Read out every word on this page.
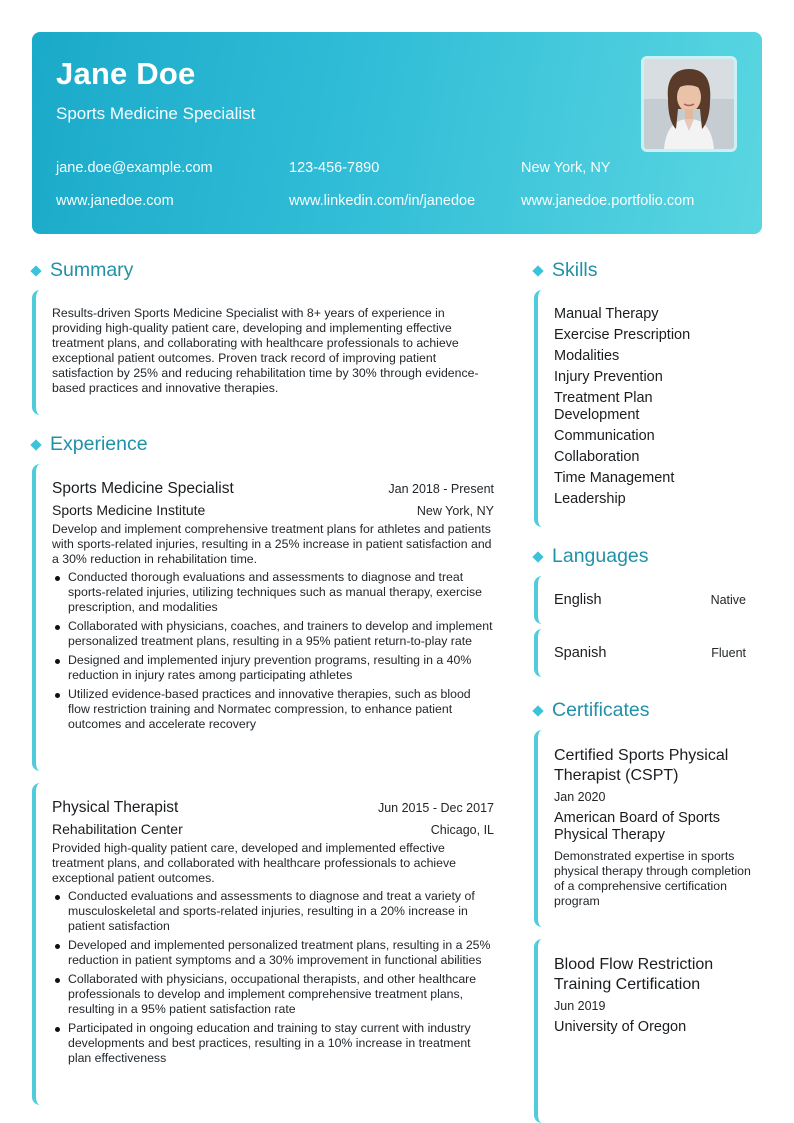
Jane Doe
Sports Medicine Specialist
jane.doe@example.com	123-456-7890	New York, NY
www.janedoe.com	www.linkedin.com/in/janedoe	www.janedoe.portfolio.com
Summary
Results-driven Sports Medicine Specialist with 8+ years of experience in providing high-quality patient care, developing and implementing effective treatment plans, and collaborating with healthcare professionals to achieve exceptional patient outcomes. Proven track record of improving patient satisfaction by 25% and reducing rehabilitation time by 30% through evidence-based practices and innovative therapies.
Experience
Sports Medicine Specialist	Jan 2018 - Present
Sports Medicine Institute	New York, NY
Develop and implement comprehensive treatment plans for athletes and patients with sports-related injuries, resulting in a 25% increase in patient satisfaction and a 30% reduction in rehabilitation time.
Conducted thorough evaluations and assessments to diagnose and treat sports-related injuries, utilizing techniques such as manual therapy, exercise prescription, and modalities
Collaborated with physicians, coaches, and trainers to develop and implement personalized treatment plans, resulting in a 95% patient return-to-play rate
Designed and implemented injury prevention programs, resulting in a 40% reduction in injury rates among participating athletes
Utilized evidence-based practices and innovative therapies, such as blood flow restriction training and Normatec compression, to enhance patient outcomes and accelerate recovery
Physical Therapist	Jun 2015 - Dec 2017
Rehabilitation Center	Chicago, IL
Provided high-quality patient care, developed and implemented effective treatment plans, and collaborated with healthcare professionals to achieve exceptional patient outcomes.
Conducted evaluations and assessments to diagnose and treat a variety of musculoskeletal and sports-related injuries, resulting in a 20% increase in patient satisfaction
Developed and implemented personalized treatment plans, resulting in a 25% reduction in patient symptoms and a 30% improvement in functional abilities
Collaborated with physicians, occupational therapists, and other healthcare professionals to develop and implement comprehensive treatment plans, resulting in a 95% patient satisfaction rate
Participated in ongoing education and training to stay current with industry developments and best practices, resulting in a 10% increase in treatment plan effectiveness
Skills
Manual Therapy
Exercise Prescription
Modalities
Injury Prevention
Treatment Plan Development
Communication
Collaboration
Time Management
Leadership
Languages
English	Native
Spanish	Fluent
Certificates
Certified Sports Physical Therapist (CSPT)
Jan 2020
American Board of Sports Physical Therapy
Demonstrated expertise in sports physical therapy through completion of a comprehensive certification program
Blood Flow Restriction Training Certification
Jun 2019
University of Oregon
